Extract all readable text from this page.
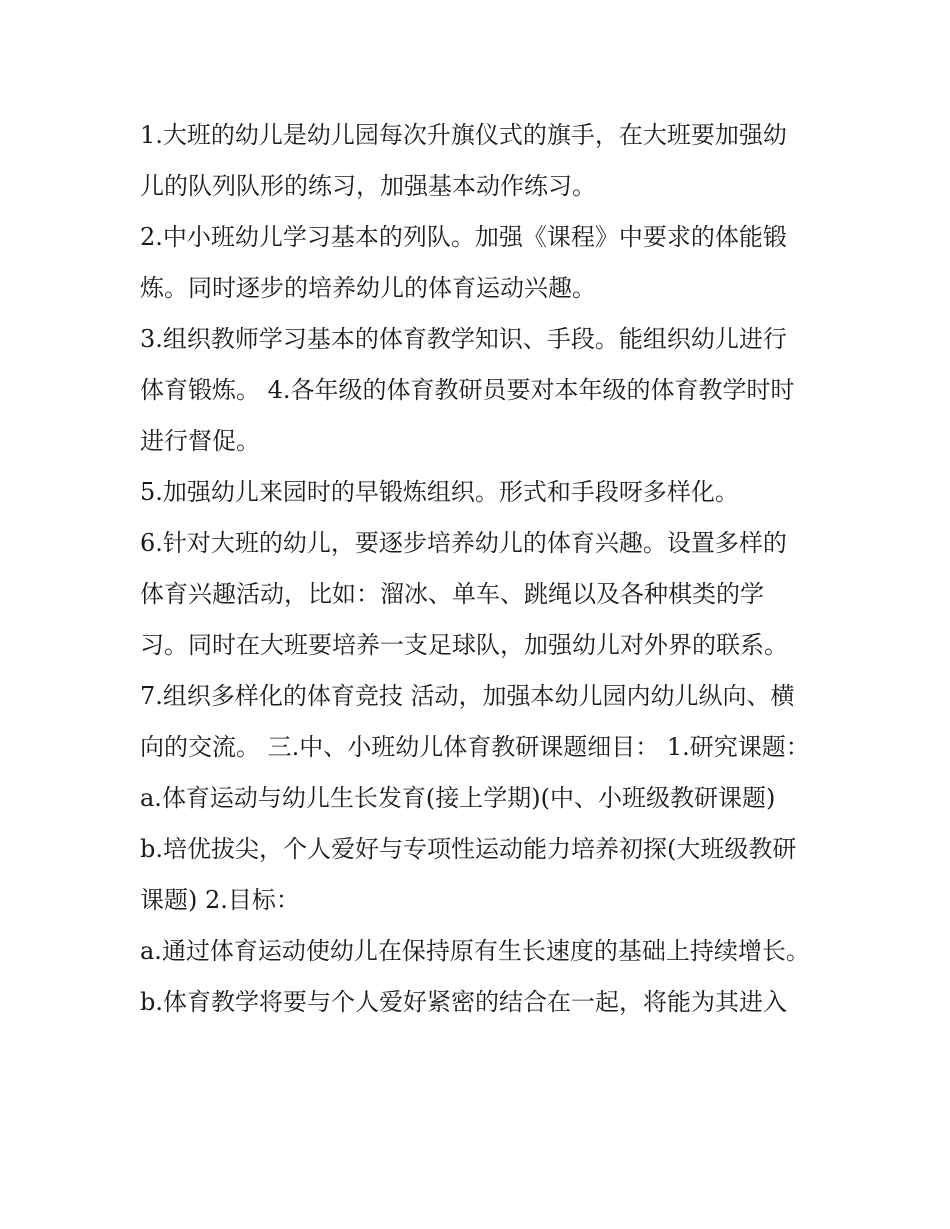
1.大班的幼儿是幼儿园每次升旗仪式的旗手，在大班要加强幼儿的队列队形的练习，加强基本动作练习。

2.中小班幼儿学习基本的列队。加强《课程》中要求的体能锻炼。同时逐步的培养幼儿的体育运动兴趣。

3.组织教师学习基本的体育教学知识、手段。能组织幼儿进行体育锻炼。 4.各年级的体育教研员要对本年级的体育教学时时进行督促。

5.加强幼儿来园时的早锻炼组织。形式和手段呀多样化。

6.针对大班的幼儿，要逐步培养幼儿的体育兴趣。设置多样的体育兴趣活动，比如：溜冰、单车、跳绳以及各种棋类的学习。同时在大班要培养一支足球队，加强幼儿对外界的联系。

7.组织多样化的体育竞技 活动，加强本幼儿园内幼儿纵向、横向的交流。 三.中、小班幼儿体育教研课题细目： 1.研究课题：

a.体育运动与幼儿生长发育(接上学期)(中、小班级教研课题)

b.培优拔尖，个人爱好与专项性运动能力培养初探(大班级教研课题) 2.目标：

a.通过体育运动使幼儿在保持原有生长速度的基础上持续增长。

b.体育教学将要与个人爱好紧密的结合在一起，将能为其进入
